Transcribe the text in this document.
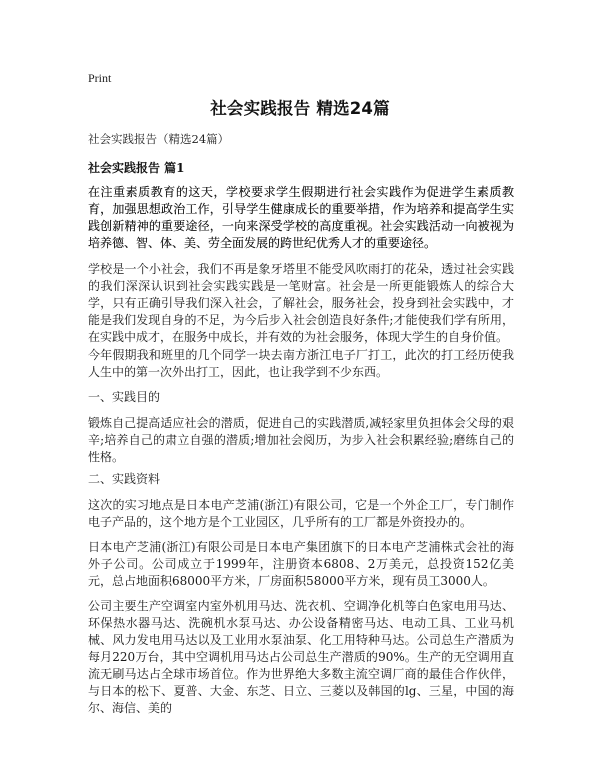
Print
社会实践报告 精选24篇
社会实践报告（精选24篇）
社会实践报告 篇1

在注重素质教育的这天，学校要求学生假期进行社会实践作为促进学生素质教育，加强思想政治工作，引导学生健康成长的重要举措，作为培养和提高学生实践创新精神的重要途径，一向来深受学校的高度重视。社会实践活动一向被视为培养德、智、体、美、劳全面发展的跨世纪优秀人才的重要途径。

学校是一个小社会，我们不再是象牙塔里不能受风吹雨打的花朵，透过社会实践的我们深深认识到社会实践实践是一笔财富。社会是一所更能锻炼人的综合大学，只有正确引导我们深入社会，了解社会，服务社会，投身到社会实践中，才能是我们发现自身的不足，为今后步入社会创造良好条件;才能使我们学有所用，在实践中成才，在服务中成长，并有效的为社会服务，体现大学生的自身价值。

今年假期我和班里的几个同学一块去南方浙江电子厂打工，此次的打工经历使我人生中的第一次外出打工，因此，也让我学到不少东西。

一、实践目的

锻炼自己提高适应社会的潜质，促进自己的实践潜质,减轻家里负担体会父母的艰辛;培养自己的肃立自强的潜质;增加社会阅历，为步入社会积累经验;磨练自己的性格。

二、实践资料

这次的实习地点是日本电产芝浦(浙江)有限公司，它是一个外企工厂，专门制作电子产品的，这个地方是个工业园区，几乎所有的工厂都是外资投办的。

日本电产芝浦(浙江)有限公司是日本电产集团旗下的日本电产芝浦株式会社的海外子公司。公司成立于1999年，注册资本6808、2万美元，总投资152亿美元，总占地面积68000平方米，厂房面积58000平方米，现有员工3000人。

公司主要生产空调室内室外机用马达、洗衣机、空调净化机等白色家电用马达、环保热水器马达、洗碗机水泵马达、办公设备精密马达、电动工具、工业马机械、风力发电用马达以及工业用水泵油泵、化工用特种马达。公司总生产潜质为每月220万台，其中空调机用马达占公司总生产潜质的90%。生产的无空调用直流无刷马达占全球市场首位。作为世界绝大多数主流空调厂商的最佳合作伙伴，与日本的松下、夏普、大金、东芝、日立、三菱以及韩国的lg、三星，中国的海尔、海信、美的
